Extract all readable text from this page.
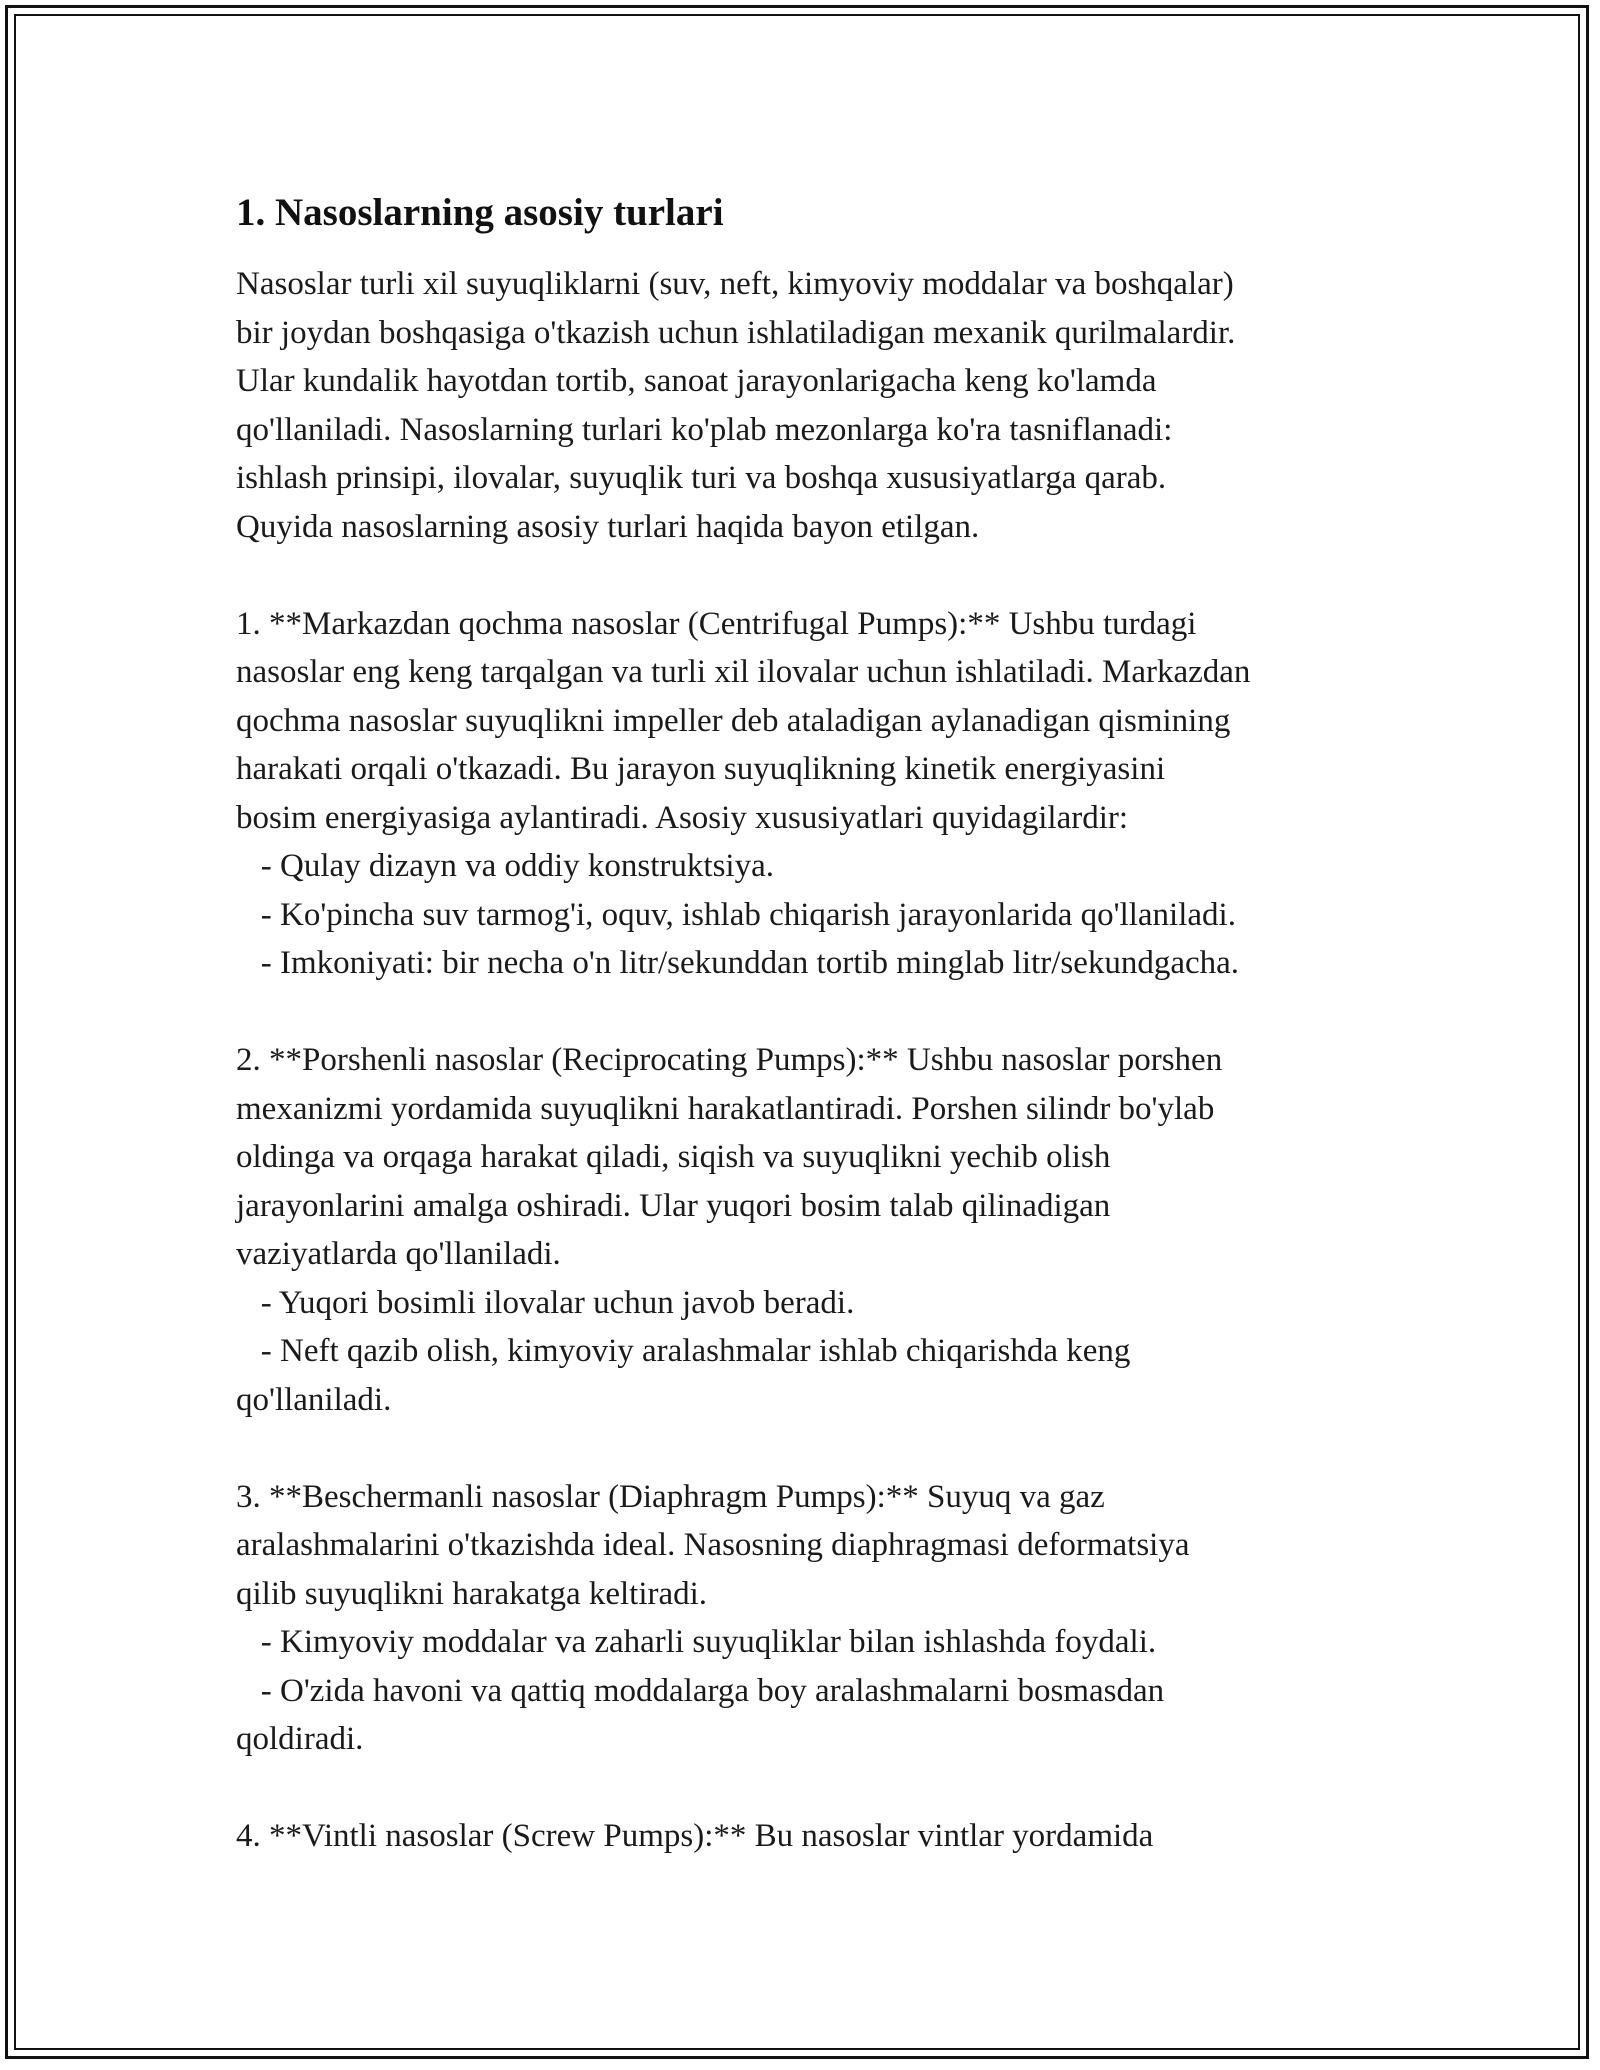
1. Nasoslarning asosiy turlari

Nasoslar turli xil suyuqliklarni (suv, neft, kimyoviy moddalar va boshqalar)

bir joydan boshqasiga o'tkazish uchun ishlatiladigan mexanik qurilmalardir.

Ular kundalik hayotdan tortib, sanoat jarayonlarigacha keng ko'lamda

qo'llaniladi. Nasoslarning turlari ko'plab mezonlarga ko'ra tasniflanadi:

ishlash prinsipi, ilovalar, suyuqlik turi va boshqa xususiyatlarga qarab.

Quyida nasoslarning asosiy turlari haqida bayon etilgan.

1. **Markazdan qochma nasoslar (Centrifugal Pumps):** Ushbu turdagi

nasoslar eng keng tarqalgan va turli xil ilovalar uchun ishlatiladi. Markazdan

qochma nasoslar suyuqlikni impeller deb ataladigan aylanadigan qismining

harakati orqali o'tkazadi. Bu jarayon suyuqlikning kinetik energiyasini

bosim energiyasiga aylantiradi. Asosiy xususiyatlari quyidagilardir:

- Qulay dizayn va oddiy konstruktsiya.

- Ko'pincha suv tarmog'i, oquv, ishlab chiqarish jarayonlarida qo'llaniladi.

- Imkoniyati: bir necha o'n litr/sekunddan tortib minglab litr/sekundgacha.

2. **Porshenli nasoslar (Reciprocating Pumps):** Ushbu nasoslar porshen

mexanizmi yordamida suyuqlikni harakatlantiradi. Porshen silindr bo'ylab

oldinga va orqaga harakat qiladi, siqish va suyuqlikni yechib olish

jarayonlarini amalga oshiradi. Ular yuqori bosim talab qilinadigan

vaziyatlarda qo'llaniladi.

- Yuqori bosimli ilovalar uchun javob beradi.

- Neft qazib olish, kimyoviy aralashmalar ishlab chiqarishda keng

qo'llaniladi.

3. **Beschermanli nasoslar (Diaphragm Pumps):** Suyuq va gaz

aralashmalarini o'tkazishda ideal. Nasosning diaphragmasi deformatsiya

qilib suyuqlikni harakatga keltiradi.

- Kimyoviy moddalar va zaharli suyuqliklar bilan ishlashda foydali.

- O'zida havoni va qattiq moddalarga boy aralashmalarni bosmasdan

qoldiradi.

4. **Vintli nasoslar (Screw Pumps):** Bu nasoslar vintlar yordamida
